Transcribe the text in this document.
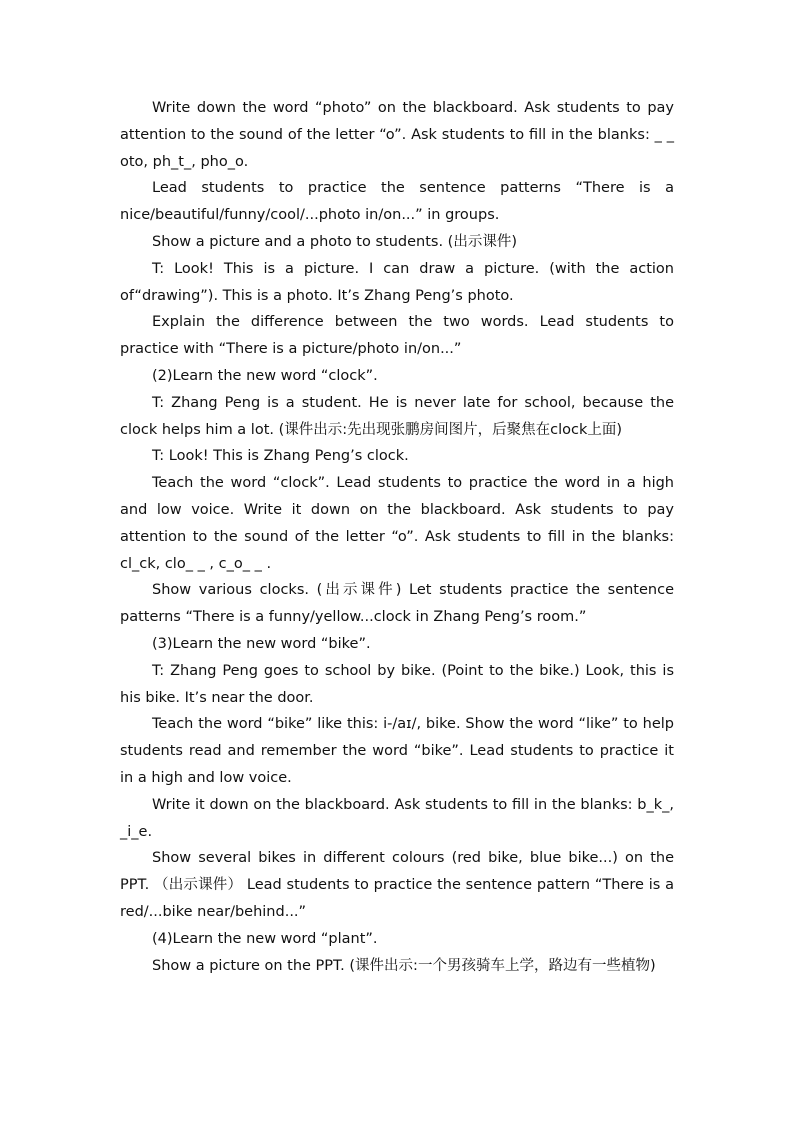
Write down the word “photo” on the blackboard. Ask students to pay attention to the sound of the letter “o”. Ask students to fill in the blanks: _ _ oto, ph_t_, pho_o.

Lead students to practice the sentence patterns “There is a nice/beautiful/funny/cool/...photo in/on...” in groups.

Show a picture and a photo to students. (出示课件)

T: Look! This is a picture. I can draw a picture. (with the action of“drawing”). This is a photo. It’s Zhang Peng’s photo.

Explain the difference between the two words. Lead students to practice with “There is a picture/photo in/on...”

(2)Learn the new word “clock”.

T: Zhang Peng is a student. He is never late for school, because the clock helps him a lot. (课件出示:先出现张鹏房间图片，后聚焦在clock上面)

T: Look! This is Zhang Peng’s clock.

Teach the word “clock”. Lead students to practice the word in a high and low voice. Write it down on the blackboard. Ask students to pay attention to the sound of the letter “o”. Ask students to fill in the blanks: cl_ck, clo_ _ , c_o_ _ .

Show various clocks. (出示课件) Let students practice the sentence patterns “There is a funny/yellow...clock in Zhang Peng’s room.”

(3)Learn the new word “bike”.

T: Zhang Peng goes to school by bike. (Point to the bike.) Look, this is his bike. It’s near the door.

Teach the word “bike” like this: i-/aɪ/, bike. Show the word “like” to help students read and remember the word “bike”. Lead students to practice it in a high and low voice.

Write it down on the blackboard. Ask students to fill in the blanks: b_k_, _i_e.

Show several bikes in different colours (red bike, blue bike...) on the PPT. （出示课件） Lead students to practice the sentence pattern “There is a red/...bike near/behind...”

(4)Learn the new word “plant”.

Show a picture on the PPT. (课件出示:一个男孩骑车上学，路边有一些植物)
